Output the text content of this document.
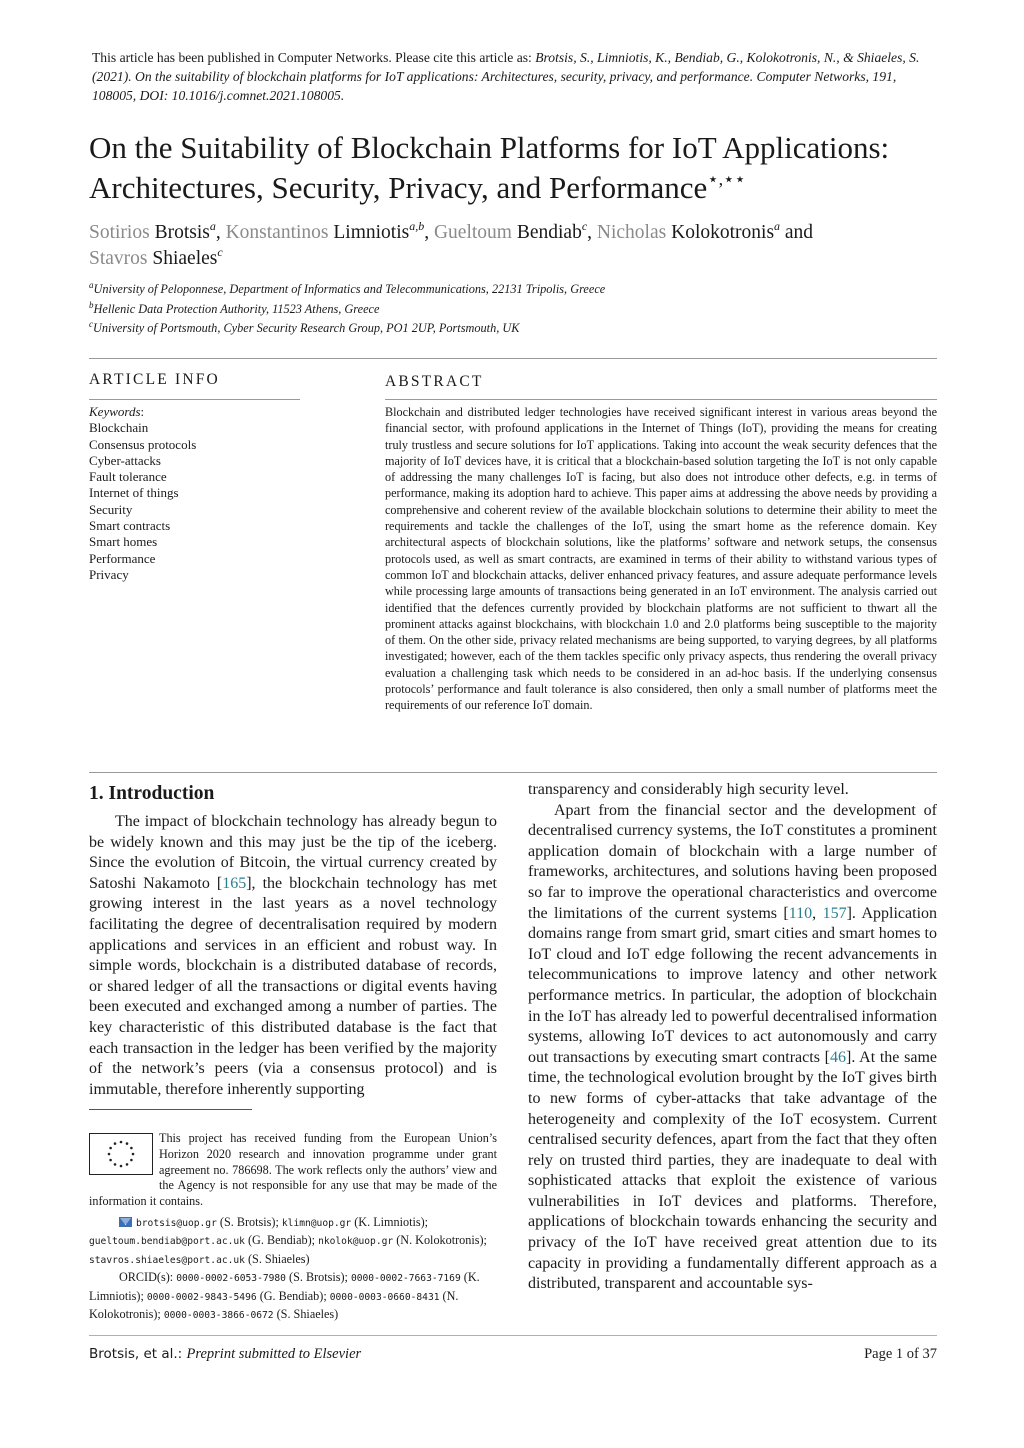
This article has been published in Computer Networks. Please cite this article as: Brotsis, S., Limniotis, K., Bendiab, G., Kolokotronis, N., & Shiaeles, S. (2021). On the suitability of blockchain platforms for IoT applications: Architectures, security, privacy, and performance. Computer Networks, 191, 108005, DOI: 10.1016/j.comnet.2021.108005.
On the Suitability of Blockchain Platforms for IoT Applications:
Architectures, Security, Privacy, and Performance⋆,⋆⋆
Sotirios Brotsis$^a$, Konstantinos Limniotis$^{a,b}$, Gueltoum Bendiab$^c$, Nicholas Kolokotronis$^a$ and
Stavros Shiaeles$^c$
$^a$University of Peloponnese, Department of Informatics and Telecommunications, 22131 Tripolis, Greece
$^b$Hellenic Data Protection Authority, 11523 Athens, Greece
$^c$University of Portsmouth, Cyber Security Research Group, PO1 2UP, Portsmouth, UK
ARTICLE INFO	ABSTRACT
Keywords:
Blockchain
Consensus protocols
Cyber-attacks
Fault tolerance
Internet of things
Security
Smart contracts
Smart homes
Performance
Privacy
Blockchain and distributed ledger technologies have received significant interest in various areas beyond the financial sector, with profound applications in the Internet of Things (IoT), providing the means for creating truly trustless and secure solutions for IoT applications. Taking into account the weak security defences that the majority of IoT devices have, it is critical that a blockchain-based solution targeting the IoT is not only capable of addressing the many challenges IoT is facing, but also does not introduce other defects, e.g. in terms of performance, making its adoption hard to achieve. This paper aims at addressing the above needs by providing a comprehensive and coherent review of the available blockchain solutions to determine their ability to meet the requirements and tackle the challenges of the IoT, using the smart home as the reference domain. Key architectural aspects of blockchain solutions, like the platforms’ software and network setups, the consensus protocols used, as well as smart contracts, are examined in terms of their ability to withstand various types of common IoT and blockchain attacks, deliver enhanced privacy features, and assure adequate performance levels while processing large amounts of transactions being generated in an IoT environment. The analysis carried out identified that the defences currently provided by blockchain platforms are not sufficient to thwart all the prominent attacks against blockchains, with blockchain 1.0 and 2.0 platforms being susceptible to the majority of them. On the other side, privacy related mechanisms are being supported, to varying degrees, by all platforms investigated; however, each of the them tackles specific only privacy aspects, thus rendering the overall privacy evaluation a challenging task which needs to be considered in an ad-hoc basis. If the underlying consensus protocols’ performance and fault tolerance is also considered, then only a small number of platforms meet the requirements of our reference IoT domain.
1. Introduction

The impact of blockchain technology has already begun to be widely known and this may just be the tip of the iceberg. Since the evolution of Bitcoin, the virtual currency created by Satoshi Nakamoto [165], the blockchain technology has met growing interest in the last years as a novel technology facilitating the degree of decentralisation required by modern applications and services in an efficient and robust way. In simple words, blockchain is a distributed database of records, or shared ledger of all the transactions or digital events having been executed and exchanged among a number of parties. The key characteristic of this distributed database is the fact that each transaction in the ledger has been verified by the majority of the network’s peers (via a consensus protocol) and is immutable, therefore inherently supporting

transparency and considerably high security level.

Apart from the financial sector and the development of decentralised currency systems, the IoT constitutes a prominent application domain of blockchain with a large number of frameworks, architectures, and solutions having been proposed so far to improve the operational characteristics and overcome the limitations of the current systems [110, 157]. Application domains range from smart grid, smart cities and smart homes to IoT cloud and IoT edge following the recent advancements in telecommunications to improve latency and other network performance metrics. In particular, the adoption of blockchain in the IoT has already led to powerful decentralised information systems, allowing IoT devices to act autonomously and carry out transactions by executing smart contracts [46]. At the same time, the technological evolution brought by the IoT gives birth to new forms of cyber-attacks that take advantage of the heterogeneity and complexity of the IoT ecosystem. Current centralised security defences, apart from the fact that they often rely on trusted third parties, they are inadequate to deal with sophisticated attacks that exploit the existence of various vulnerabilities in IoT devices and platforms. Therefore, applications of blockchain towards enhancing the security and privacy of the IoT have received great attention due to its capacity in providing a fundamentally different approach as a distributed, transparent and accountable sys-

This project has received funding from the European Union’s Horizon 2020 research and innovation programme under grant agreement no. 786698. The work reflects only the authors’ view and the Agency is not responsible for any use that may be made of the information it contains.

brotsis@uop.gr (S. Brotsis); klimn@uop.gr (K. Limniotis); gueltoum.bendiab@port.ac.uk (G. Bendiab); nkolok@uop.gr (N. Kolokotronis); stavros.shiaeles@port.ac.uk (S. Shiaeles)

ORCID(s): 0000-0002-6053-7980 (S. Brotsis); 0000-0002-7663-7169 (K. Limniotis); 0000-0002-9843-5496 (G. Bendiab); 0000-0003-0660-8431 (N. Kolokotronis); 0000-0003-3866-0672 (S. Shiaeles)

Brotsis, et al.: Preprint submitted to Elsevier	Page 1 of 37
